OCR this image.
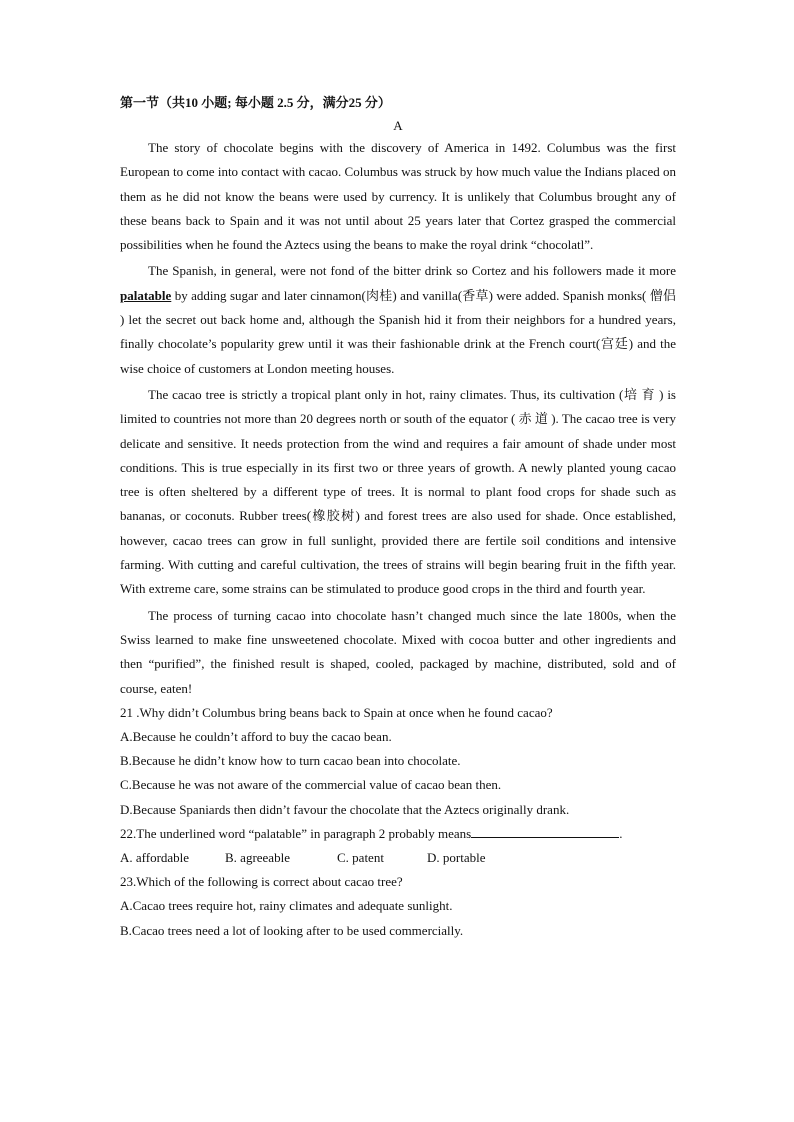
第一节（共10 小题; 每小题 2.5 分，满分25 分）

A

The story of chocolate begins with the discovery of America in 1492. Columbus was the first European to come into contact with cacao. Columbus was struck by how much value the Indians placed on them as he did not know the beans were used by currency. It is unlikely that Columbus brought any of these beans back to Spain and it was not until about 25 years later that Cortez grasped the commercial possibilities when he found the Aztecs using the beans to make the royal drink “chocolatl”.

The Spanish, in general, were not fond of the bitter drink so Cortez and his followers made it more palatable by adding sugar and later cinnamon(肉桂) and vanilla(香草) were added. Spanish monks( 僧侣 ) let the secret out back home and, although the Spanish hid it from their neighbors for a hundred years, finally chocolate’s popularity grew until it was their fashionable drink at the French court(宫廷) and the wise choice of customers at London meeting houses.

The cacao tree is strictly a tropical plant only in hot, rainy climates. Thus, its cultivation (培 育 ) is limited to countries not more than 20 degrees north or south of the equator ( 赤 道 ). The cacao tree is very delicate and sensitive. It needs protection from the wind and requires a fair amount of shade under most conditions. This is true especially in its first two or three years of growth. A newly planted young cacao tree is often sheltered by a different type of trees. It is normal to plant food crops for shade such as bananas, or coconuts. Rubber trees(橡胶树) and forest trees are also used for shade. Once established, however, cacao trees can grow in full sunlight, provided there are fertile soil conditions and intensive farming. With cutting and careful cultivation, the trees of strains will begin bearing fruit in the fifth year. With extreme care, some strains can be stimulated to produce good crops in the third and fourth year.

The process of turning cacao into chocolate hasn’t changed much since the late 1800s, when the Swiss learned to make fine unsweetened chocolate. Mixed with cocoa butter and other ingredients and then “purified”, the finished result is shaped, cooled, packaged by machine, distributed, sold and of course, eaten!

21 .Why didn’t Columbus bring beans back to Spain at once when he found cacao?

A.Because he couldn’t afford to buy the cacao bean.

B.Because he didn’t know how to turn cacao bean into chocolate.

C.Because he was not aware of the commercial value of cacao bean then.

D.Because Spaniards then didn’t favour the chocolate that the Aztecs originally drank.

22.The underlined word “palatable” in paragraph 2 probably means	.

A. affordable	B. agreeable	C. patent	D. portable

23.Which of the following is correct about cacao tree?

A.Cacao trees require hot, rainy climates and adequate sunlight.

B.Cacao trees need a lot of looking after to be used commercially.
